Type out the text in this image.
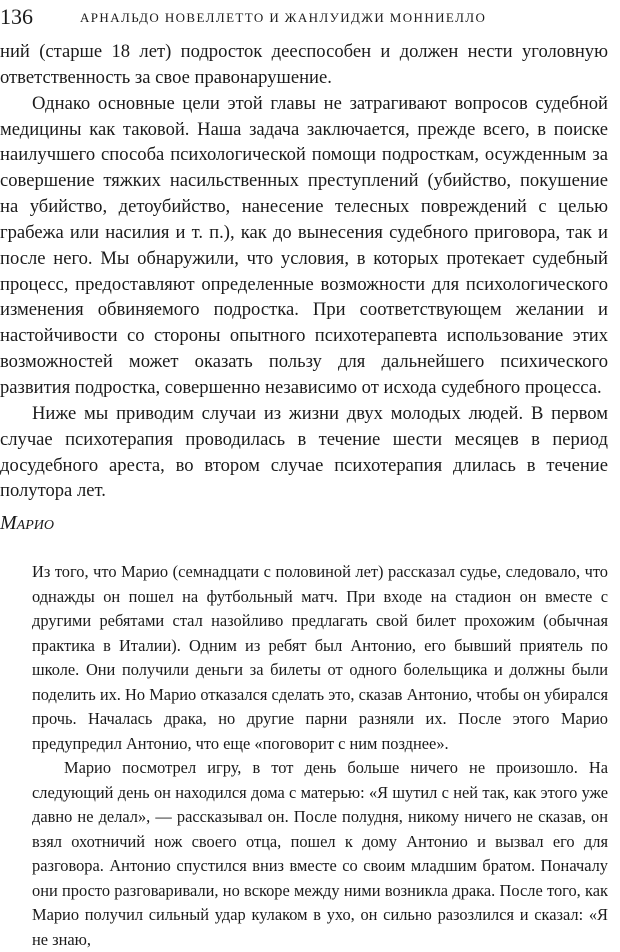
136	АРНАЛЬДО НОВЕЛЛЕТТО И ЖАНЛУИДЖИ МОННИЕЛЛО

ний (старше 18 лет) подросток дееспособен и должен нести уголовную ответственность за свое правонарушение.

Однако основные цели этой главы не затрагивают вопросов судебной медицины как таковой. Наша задача заключается, прежде всего, в поиске наилучшего способа психологической помощи подросткам, осужденным за совершение тяжких насильственных преступлений (убийство, покушение на убийство, детоубийство, нанесение телесных повреждений с целью грабежа или насилия и т. п.), как до вынесения судебного приговора, так и после него. Мы обнаружили, что условия, в которых протекает судебный процесс, предоставляют определенные возможности для психологического изменения обвиняемого подростка. При соответствующем желании и настойчивости со стороны опытного психотерапевта использование этих возможностей может оказать пользу для дальнейшего психического развития подростка, совершенно независимо от исхода судебного процесса.

Ниже мы приводим случаи из жизни двух молодых людей. В первом случае психотерапия проводилась в течение шести месяцев в период досудебного ареста, во втором случае психотерапия длилась в течение полутора лет.

Марио

Из того, что Марио (семнадцати с половиной лет) рассказал судье, следовало, что однажды он пошел на футбольный матч. При входе на стадион он вместе с другими ребятами стал назойливо предлагать свой билет прохожим (обычная практика в Италии). Одним из ребят был Антонио, его бывший приятель по школе. Они получили деньги за билеты от одного болельщика и должны были поделить их. Но Марио отказался сделать это, сказав Антонио, чтобы он убирался прочь. Началась драка, но другие парни разняли их. После этого Марио предупредил Антонио, что еще «поговорит с ним позднее».

Марио посмотрел игру, в тот день больше ничего не произошло. На следующий день он находился дома с матерью: «Я шутил с ней так, как этого уже давно не делал», — рассказывал он. После полудня, никому ничего не сказав, он взял охотничий нож своего отца, пошел к дому Антонио и вызвал его для разговора. Антонио спустился вниз вместе со своим младшим братом. Поначалу они просто разговаривали, но вскоре между ними возникла драка. После того, как Марио получил сильный удар кулаком в ухо, он сильно разозлился и сказал: «Я не знаю,
